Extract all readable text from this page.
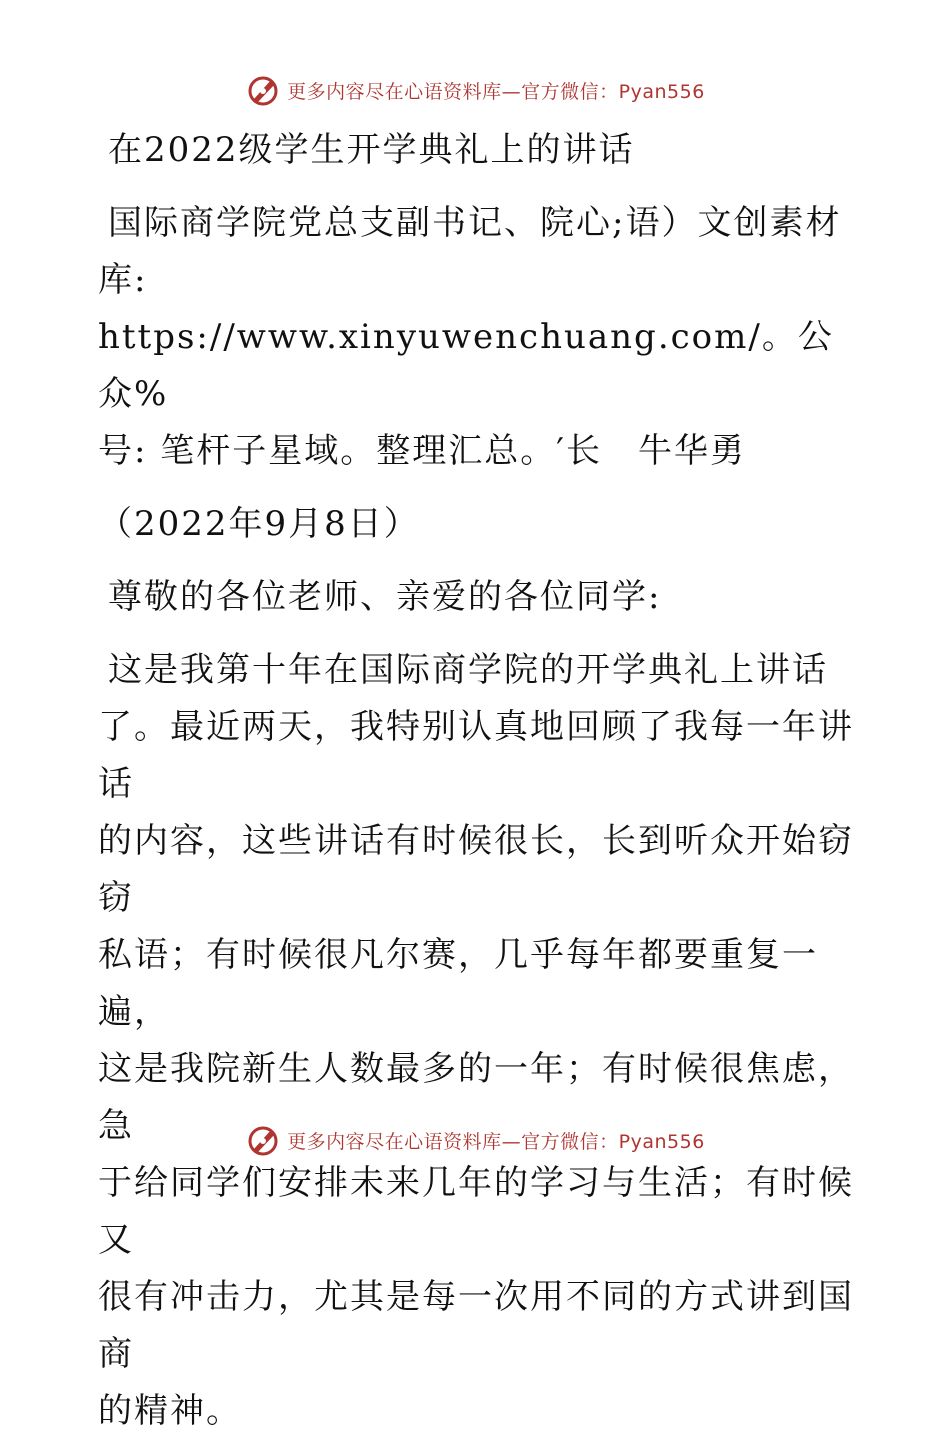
更多内容尽在心语资料库—官方微信：Pyan556

在2022级学生开学典礼上的讲话

国际商学院党总支副书记、院心;语）文创素材

库: https://www.xinyuwenchuang.com/。公众%

号: 笔杆子星域。整理汇总。′长　牛华勇

（2022年9月8日）

尊敬的各位老师、亲爱的各位同学:

这是我第十年在国际商学院的开学典礼上讲话

了。最近两天，我特别认真地回顾了我每一年讲话

的内容，这些讲话有时候很长，长到听众开始窃窃

私语；有时候很凡尔赛，几乎每年都要重复一遍，

这是我院新生人数最多的一年；有时候很焦虑，急

于给同学们安排未来几年的学习与生活；有时候又

很有冲击力，尤其是每一次用不同的方式讲到国商

的精神。

更多内容尽在心语资料库—官方微信：Pyan556
